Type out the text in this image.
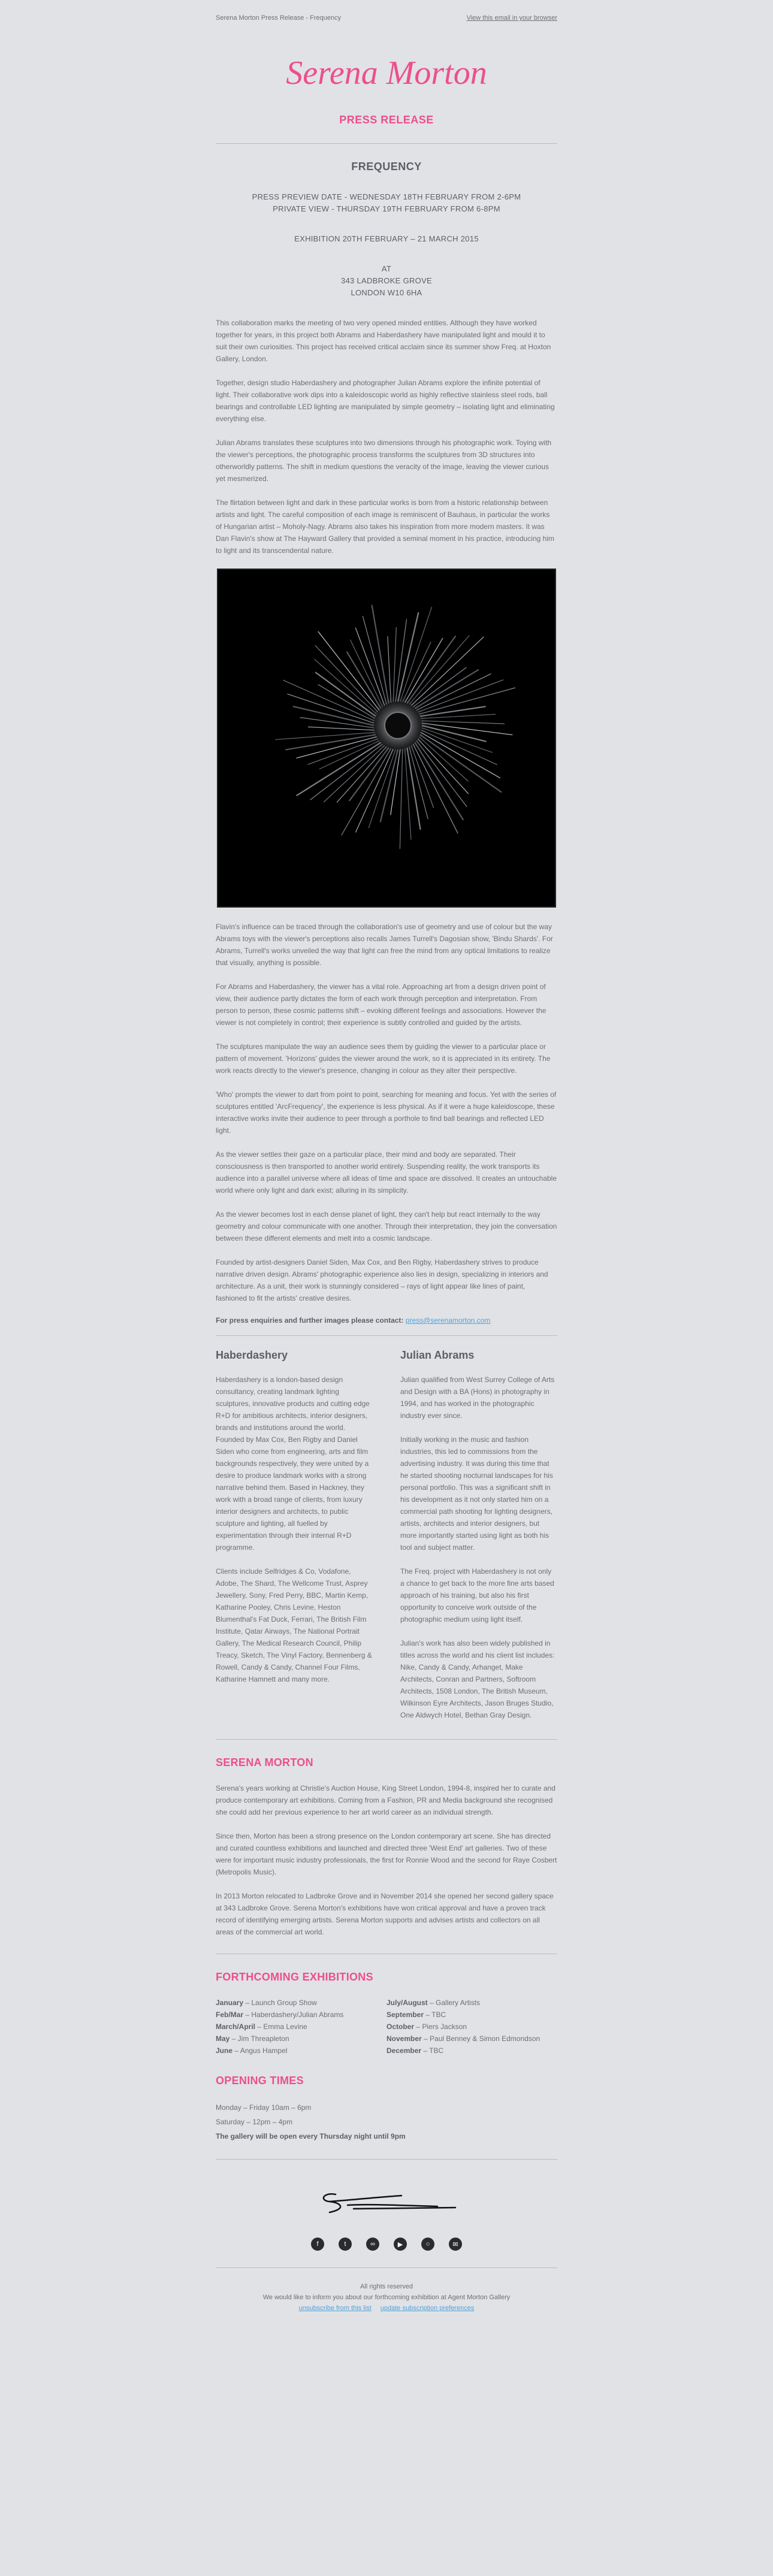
Serena Morton Press Release - Frequency	View this email in your browser
Serena Morton
PRESS RELEASE
FREQUENCY
PRESS PREVIEW DATE - WEDNESDAY 18TH FEBRUARY FROM 2-6PM
PRIVATE VIEW - THURSDAY 19TH FEBRUARY FROM 6-8PM
EXHIBITION 20TH FEBRUARY – 21 MARCH 2015
AT
343 LADBROKE GROVE
LONDON W10 6HA

This collaboration marks the meeting of two very opened minded entities. Although they have worked together for years, in this project both Abrams and Haberdashery have manipulated light and mould it to suit their own curiosities. This project has received critical acclaim since its summer show Freq. at Hoxton Gallery, London.

Together, design studio Haberdashery and photographer Julian Abrams explore the infinite potential of light. Their collaborative work dips into a kaleidoscopic world as highly reflective stainless steel rods, ball bearings and controllable LED lighting are manipulated by simple geometry – isolating light and eliminating everything else.

Julian Abrams translates these sculptures into two dimensions through his photographic work. Toying with the viewer's perceptions, the photographic process transforms the sculptures from 3D structures into otherworldly patterns. The shift in medium questions the veracity of the image, leaving the viewer curious yet mesmerized.

The flirtation between light and dark in these particular works is born from a historic relationship between artists and light. The careful composition of each image is reminiscent of Bauhaus, in particular the works of Hungarian artist – Moholy-Nagy. Abrams also takes his inspiration from more modern masters. It was Dan Flavin's show at The Hayward Gallery that provided a seminal moment in his practice, introducing him to light and its transcendental nature.

Flavin's influence can be traced through the collaboration's use of geometry and use of colour but the way Abrams toys with the viewer's perceptions also recalls James Turrell's Dagosian show, 'Bindu Shards'. For Abrams, Turrell's works unveiled the way that light can free the mind from any optical limitations to realize that visually, anything is possible.

For Abrams and Haberdashery, the viewer has a vital role. Approaching art from a design driven point of view, their audience partly dictates the form of each work through perception and interpretation. From person to person, these cosmic patterns shift – evoking different feelings and associations. However the viewer is not completely in control; their experience is subtly controlled and guided by the artists.

The sculptures manipulate the way an audience sees them by guiding the viewer to a particular place or pattern of movement. 'Horizons' guides the viewer around the work, so it is appreciated in its entirety. The work reacts directly to the viewer's presence, changing in colour as they alter their perspective.

'Who' prompts the viewer to dart from point to point, searching for meaning and focus. Yet with the series of sculptures entitled 'ArcFrequency', the experience is less physical. As if it were a huge kaleidoscope, these interactive works invite their audience to peer through a porthole to find ball bearings and reflected LED light.

As the viewer settles their gaze on a particular place, their mind and body are separated. Their consciousness is then transported to another world entirely. Suspending reality, the work transports its audience into a parallel universe where all ideas of time and space are dissolved. It creates an untouchable world where only light and dark exist; alluring in its simplicity.

As the viewer becomes lost in each dense planet of light, they can't help but react internally to the way geometry and colour communicate with one another. Through their interpretation, they join the conversation between these different elements and melt into a cosmic landscape.

Founded by artist-designers Daniel Siden, Max Cox, and Ben Rigby, Haberdashery strives to produce narrative driven design. Abrams' photographic experience also lies in design, specializing in interiors and architecture. As a unit, their work is stunningly considered – rays of light appear like lines of paint, fashioned to fit the artists' creative desires.

For press enquiries and further images please contact: press@serenamorton.com
Haberdashery

Haberdashery is a london-based design consultancy, creating landmark lighting sculptures, innovative products and cutting edge R+D for ambitious architects, interior designers, brands and institutions around the world. Founded by Max Cox, Ben Rigby and Daniel Siden who come from engineering, arts and film backgrounds respectively, they were united by a desire to produce landmark works with a strong narrative behind them. Based in Hackney, they work with a broad range of clients, from luxury interior designers and architects, to public sculpture and lighting, all fuelled by experimentation through their internal R+D programme.

Clients include Selfridges & Co, Vodafone, Adobe, The Shard, The Wellcome Trust, Asprey Jewellery, Sony, Fred Perry, BBC, Martin Kemp, Katharine Pooley, Chris Levine, Heston Blumenthal's Fat Duck, Ferrari, The British Film Institute, Qatar Airways, The National Portrait Gallery, The Medical Research Council, Philip Treacy, Sketch, The Vinyl Factory, Bennenberg & Rowell, Candy & Candy, Channel Four Films, Katharine Hamnett and many more.

Julian Abrams

Julian qualified from West Surrey College of Arts and Design with a BA (Hons) in photography in 1994, and has worked in the photographic industry ever since.

Initially working in the music and fashion industries, this led to commissions from the advertising industry. It was during this time that he started shooting nocturnal landscapes for his personal portfolio. This was a significant shift in his development as it not only started him on a commercial path shooting for lighting designers, artists, architects and interior designers, but more importantly started using light as both his tool and subject matter.

The Freq. project with Haberdashery is not only a chance to get back to the more fine arts based approach of his training, but also his first opportunity to conceive work outside of the photographic medium using light itself.

Julian's work has also been widely published in titles across the world and his client list includes: Nike, Candy & Candy, Arhanget, Make Architects, Conran and Partners, Softroom Architects, 1508 London, The British Museum, Wilkinson Eyre Architects, Jason Bruges Studio, One Aldwych Hotel, Bethan Gray Design.

SERENA MORTON

Serena's years working at Christie's Auction House, King Street London, 1994-8, inspired her to curate and produce contemporary art exhibitions. Coming from a Fashion, PR and Media background she recognised she could add her previous experience to her art world career as an individual strength.

Since then, Morton has been a strong presence on the London contemporary art scene. She has directed and curated countless exhibitions and launched and directed three 'West End' art galleries. Two of these were for important music industry professionals, the first for Ronnie Wood and the second for Raye Cosbert (Metropolis Music).

In 2013 Morton relocated to Ladbroke Grove and in November 2014 she opened her second gallery space at 343 Ladbroke Grove. Serena Morton's exhibitions have won critical approval and have a proven track record of identifying emerging artists. Serena Morton supports and advises artists and collectors on all areas of the commercial art world.

FORTHCOMING EXHIBITIONS
January – Launch Group Show
Feb/Mar – Haberdashery/Julian Abrams
March/April – Emma Levine
May – Jim Threapleton
June – Angus Hampel
July/August – Gallery Artists
September – TBC
October – Piers Jackson
November – Paul Benney & Simon Edmondson
December – TBC
OPENING TIMES
Monday – Friday 10am – 6pm
Saturday – 12pm – 4pm
The gallery will be open every Thursday night until 9pm
f	t	∞	▶	○	✉
All rights reserved
We would like to inform you about our forthcoming exhibition at Agent Morton Gallery
unsubscribe from this list update subscription preferences
